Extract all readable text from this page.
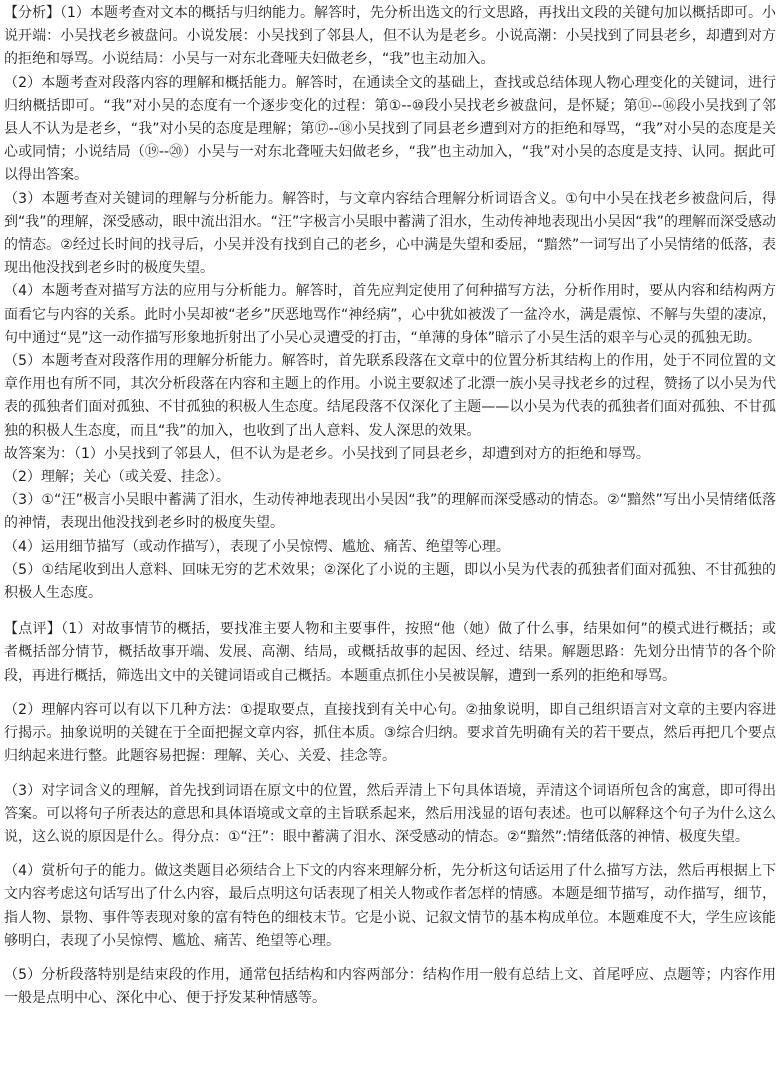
【分析】（1）本题考查对文本的概括与归纳能力。解答时，先分析出选文的行文思路，再找出文段的关键句加以概括即可。小说开端：小吴找老乡被盘问。小说发展：小吴找到了邻县人，但不认为是老乡。小说高潮：小吴找到了同县老乡，却遭到对方的拒绝和辱骂。小说结局：小吴与一对东北聋哑夫妇做老乡，“我”也主动加入。

（2）本题考查对段落内容的理解和概括能力。解答时，在通读全文的基础上，查找或总结体现人物心理变化的关键词，进行归纳概括即可。“我”对小吴的态度有一个逐步变化的过程：第①--⑩段小吴找老乡被盘问，是怀疑；第⑪--⑯段小吴找到了邻县人不认为是老乡，“我”对小吴的态度是理解；第⑰--⑱小吴找到了同县老乡遭到对方的拒绝和辱骂，“我”对小吴的态度是关心或同情；小说结局（⑲--⑳）小吴与一对东北聋哑夫妇做老乡，“我”也主动加入，“我”对小吴的态度是支持、认同。据此可以得出答案。

（3）本题考查对关键词的理解与分析能力。解答时，与文章内容结合理解分析词语含义。①句中小吴在找老乡被盘问后，得到“我”的理解，深受感动，眼中流出泪水。“汪”字极言小吴眼中蓄满了泪水，生动传神地表现出小吴因“我”的理解而深受感动的情态。②经过长时间的找寻后，小吴并没有找到自己的老乡，心中满是失望和委屈，“黯然”一词写出了小吴情绪的低落，表现出他没找到老乡时的极度失望。

（4）本题考查对描写方法的应用与分析能力。解答时，首先应判定使用了何种描写方法，分析作用时，要从内容和结构两方面看它与内容的关系。此时小吴却被“老乡”厌恶地骂作“神经病”，心中犹如被泼了一盆冷水，满是震惊、不解与失望的凄凉，句中通过“晃”这一动作描写形象地折射出了小吴心灵遭受的打击，“单薄的身体”暗示了小吴生活的艰辛与心灵的孤独无助。

（5）本题考查对段落作用的理解分析能力。解答时，首先联系段落在文章中的位置分析其结构上的作用，处于不同位置的文章作用也有所不同，其次分析段落在内容和主题上的作用。小说主要叙述了北漂一族小吴寻找老乡的过程，赞扬了以小吴为代表的孤独者们面对孤独、不甘孤独的积极人生态度。结尾段落不仅深化了主题——以小吴为代表的孤独者们面对孤独、不甘孤独的积极人生态度，而且“我”的加入，也收到了出人意料、发人深思的效果。

故答案为：（1）小吴找到了邻县人，但不认为是老乡。小吴找到了同县老乡，却遭到对方的拒绝和辱骂。

（2）理解；关心（或关爱、挂念）。

（3）①“汪”极言小吴眼中蓄满了泪水，生动传神地表现出小吴因“我”的理解而深受感动的情态。②“黯然”写出小吴情绪低落的神情，表现出他没找到老乡时的极度失望。

（4）运用细节描写（或动作描写），表现了小吴惊愕、尴尬、痛苦、绝望等心理。

（5）①结尾收到出人意料、回味无穷的艺术效果；②深化了小说的主题，即以小吴为代表的孤独者们面对孤独、不甘孤独的积极人生态度。

【点评】（1）对故事情节的概括，要找准主要人物和主要事件，按照“他（她）做了什么事，结果如何”的模式进行概括；或者概括部分情节，概括故事开端、发展、高潮、结局，或概括故事的起因、经过、结果。解题思路：先划分出情节的各个阶段，再进行概括，筛选出文中的关键词语或自己概括。本题重点抓住小吴被误解，遭到一系列的拒绝和辱骂。

（2）理解内容可以有以下几种方法：①提取要点，直接找到有关中心句。②抽象说明，即自己组织语言对文章的主要内容进行揭示。抽象说明的关键在于全面把握文章内容，抓住本质。③综合归纳。要求首先明确有关的若干要点，然后再把几个要点归纳起来进行整。此题容易把握：理解、关心、关爱、挂念等。

（3）对字词含义的理解，首先找到词语在原文中的位置，然后弄清上下句具体语境，弄清这个词语所包含的寓意，即可得出答案。可以将句子所表达的意思和具体语境或文章的主旨联系起来，然后用浅显的语句表述。也可以解释这个句子为什么这么说，这么说的原因是什么。得分点：①“汪”：眼中蓄满了泪水、深受感动的情态。②“黯然”:情绪低落的神情、极度失望。

（4）赏析句子的能力。做这类题目必须结合上下文的内容来理解分析，先分析这句话运用了什么描写方法，然后再根据上下文内容考虑这句话写出了什么内容，最后点明这句话表现了相关人物或作者怎样的情感。本题是细节描写，动作描写，细节，指人物、景物、事件等表现对象的富有特色的细枝末节。它是小说、记叙文情节的基本构成单位。本题难度不大，学生应该能够明白，表现了小吴惊愕、尴尬、痛苦、绝望等心理。

（5）分析段落特别是结束段的作用，通常包括结构和内容两部分：结构作用一般有总结上文、首尾呼应、点题等；内容作用一般是点明中心、深化中心、便于抒发某种情感等。
